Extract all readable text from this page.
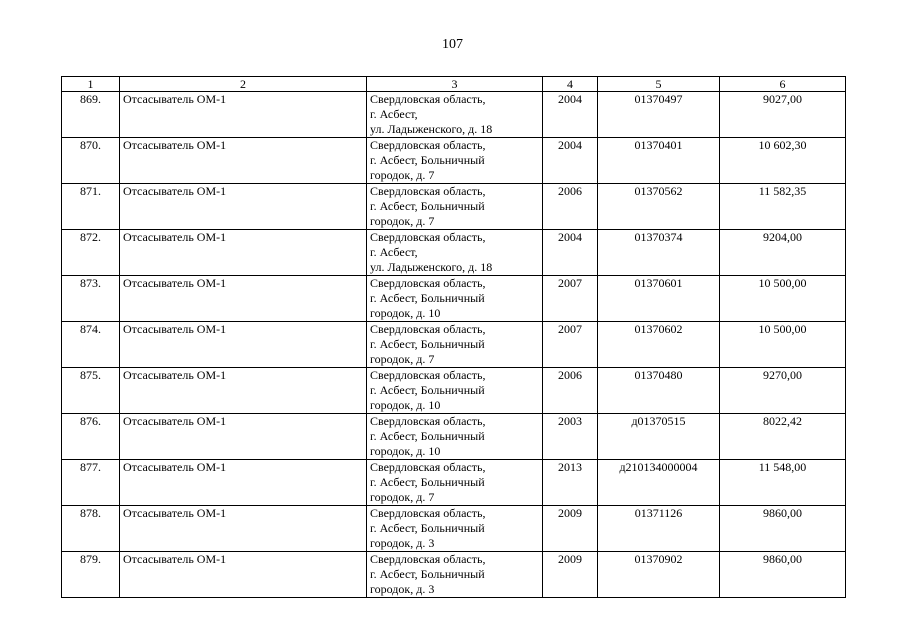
107
1	2	3	4	5	6
869.	Отсасыватель ОМ-1	Свердловская область,
г. Асбест,
ул. Ладыженского, д. 18	2004	01370497	9027,00
870.	Отсасыватель ОМ-1	Свердловская область,
г. Асбест, Больничный
городок, д. 7	2004	01370401	10 602,30
871.	Отсасыватель ОМ-1	Свердловская область,
г. Асбест, Больничный
городок, д. 7	2006	01370562	11 582,35
872.	Отсасыватель ОМ-1	Свердловская область,
г. Асбест,
ул. Ладыженского, д. 18	2004	01370374	9204,00
873.	Отсасыватель ОМ-1	Свердловская область,
г. Асбест, Больничный
городок, д. 10	2007	01370601	10 500,00
874.	Отсасыватель ОМ-1	Свердловская область,
г. Асбест, Больничный
городок, д. 7	2007	01370602	10 500,00
875.	Отсасыватель ОМ-1	Свердловская область,
г. Асбест, Больничный
городок, д. 10	2006	01370480	9270,00
876.	Отсасыватель ОМ-1	Свердловская область,
г. Асбест, Больничный
городок, д. 10	2003	д01370515	8022,42
877.	Отсасыватель ОМ-1	Свердловская область,
г. Асбест, Больничный
городок, д. 7	2013	д210134000004	11 548,00
878.	Отсасыватель ОМ-1	Свердловская область,
г. Асбест, Больничный
городок, д. 3	2009	01371126	9860,00
879.	Отсасыватель ОМ-1	Свердловская область,
г. Асбест, Больничный
городок, д. 3	2009	01370902	9860,00
